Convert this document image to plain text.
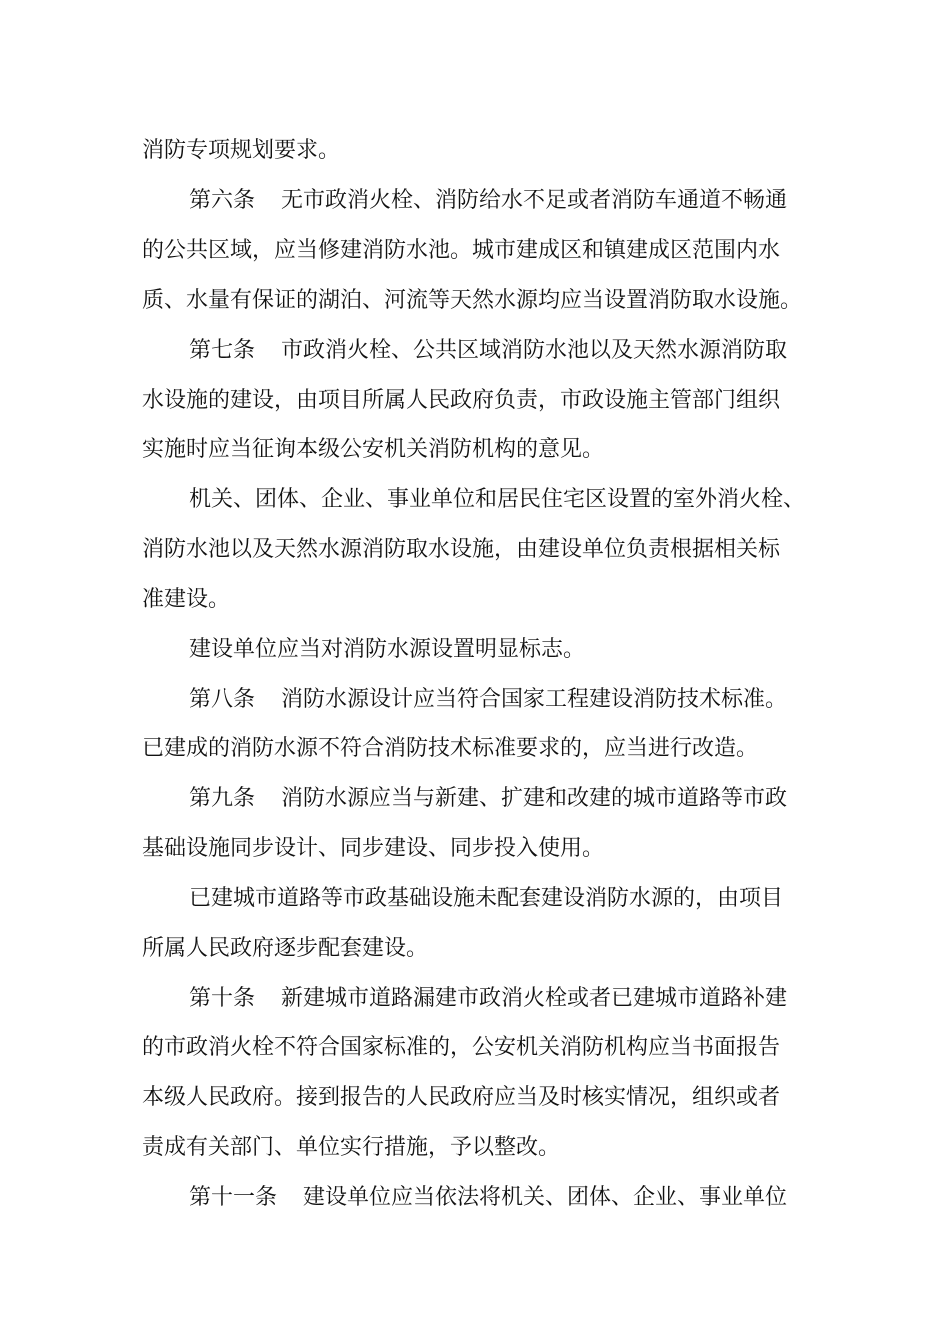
消防专项规划要求。
第六条 无市政消火栓、消防给水不足或者消防车通道不畅通
的公共区域，应当修建消防水池。城市建成区和镇建成区范围内水
质、水量有保证的湖泊、河流等天然水源均应当设置消防取水设施。
第七条 市政消火栓、公共区域消防水池以及天然水源消防取
水设施的建设，由项目所属人民政府负责，市政设施主管部门组织
实施时应当征询本级公安机关消防机构的意见。
机关、团体、企业、事业单位和居民住宅区设置的室外消火栓、
消防水池以及天然水源消防取水设施，由建设单位负责根据相关标
准建设。
建设单位应当对消防水源设置明显标志。
第八条 消防水源设计应当符合国家工程建设消防技术标准。
已建成的消防水源不符合消防技术标准要求的，应当进行改造。
第九条 消防水源应当与新建、扩建和改建的城市道路等市政
基础设施同步设计、同步建设、同步投入使用。
已建城市道路等市政基础设施未配套建设消防水源的，由项目
所属人民政府逐步配套建设。
第十条 新建城市道路漏建市政消火栓或者已建城市道路补建
的市政消火栓不符合国家标准的，公安机关消防机构应当书面报告
本级人民政府。接到报告的人民政府应当及时核实情况，组织或者
责成有关部门、单位实行措施，予以整改。
第十一条 建设单位应当依法将机关、团体、企业、事业单位
